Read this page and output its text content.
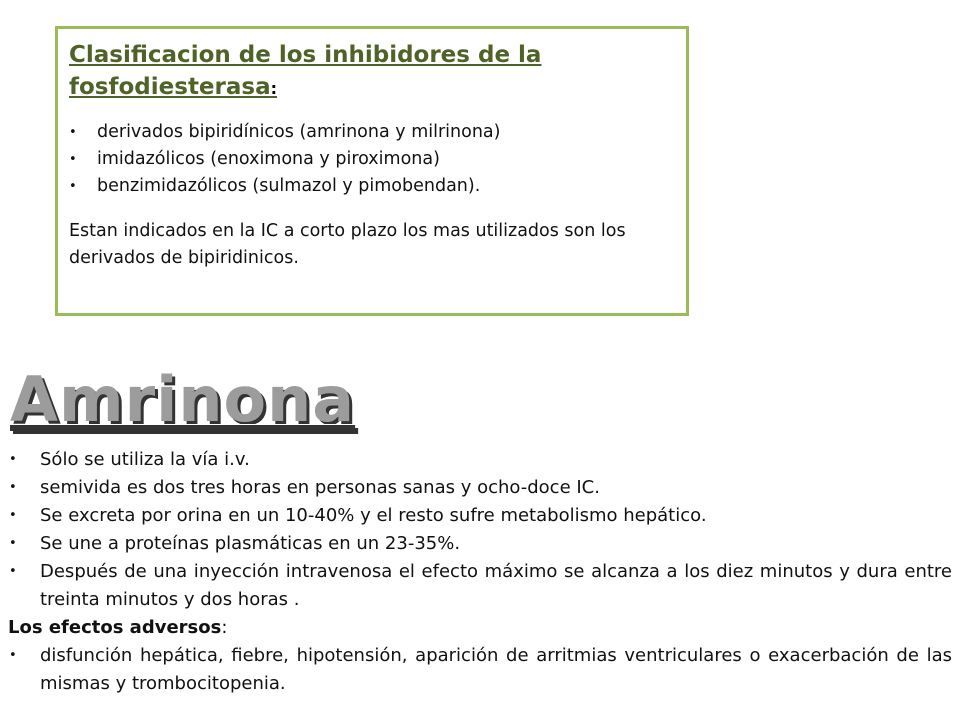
Clasificacion de los inhibidores de la fosfodiesterasa:
• derivados bipiridínicos (amrinona y milrinona)
• imidazólicos (enoximona y piroximona)
• benzimidazólicos (sulmazol y pimobendan).

Estan indicados en la IC a corto plazo los mas utilizados son los derivados de bipiridinicos.

Amrinona
• Sólo se utiliza la vía i.v.
• semivida es dos tres horas en personas sanas y ocho-doce IC.
• Se excreta por orina en un 10-40% y el resto sufre metabolismo hepático.
• Se une a proteínas plasmáticas en un 23-35%.
• Después de una inyección intravenosa el efecto máximo se alcanza a los diez minutos y dura entre treinta minutos y dos horas .

Los efectos adversos:

• disfunción hepática, fiebre, hipotensión, aparición de arritmias ventriculares o exacerbación de las mismas y trombocitopenia.
